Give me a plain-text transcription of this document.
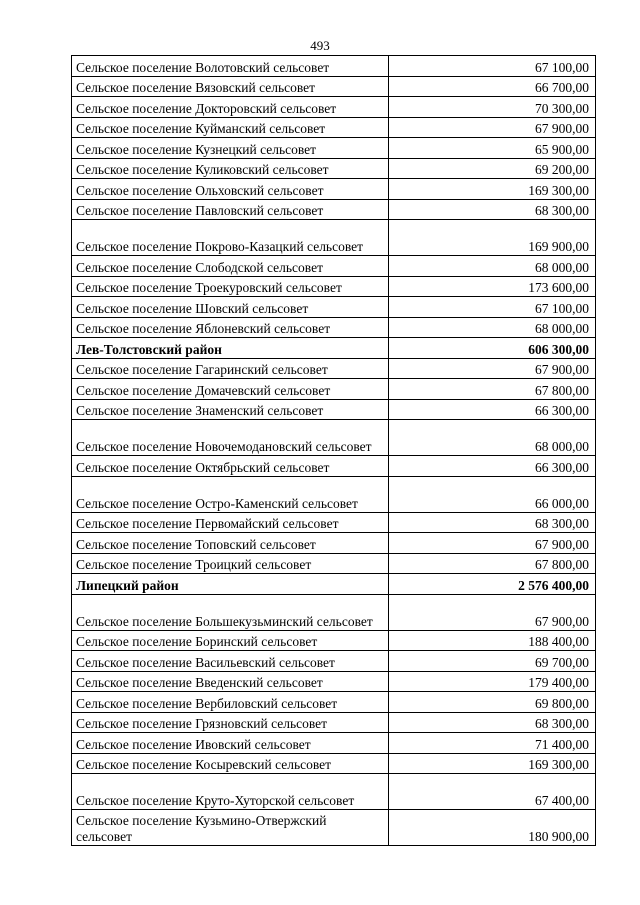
493
Сельское поселение Волотовский сельсовет	67 100,00
Сельское поселение Вязовский сельсовет	66 700,00
Сельское поселение Докторовский сельсовет	70 300,00
Сельское поселение Куйманский сельсовет	67 900,00
Сельское поселение Кузнецкий сельсовет	65 900,00
Сельское поселение Куликовский сельсовет	69 200,00
Сельское поселение Ольховский сельсовет	169 300,00
Сельское поселение Павловский сельсовет	68 300,00
Сельское поселение Покрово-Казацкий сельсовет	169 900,00
Сельское поселение Слободской сельсовет	68 000,00
Сельское поселение Троекуровский сельсовет	173 600,00
Сельское поселение Шовский сельсовет	67 100,00
Сельское поселение Яблоневский сельсовет	68 000,00
Лев-Толстовский район	606 300,00
Сельское поселение Гагаринский сельсовет	67 900,00
Сельское поселение Домачевский сельсовет	67 800,00
Сельское поселение Знаменский сельсовет	66 300,00
Сельское поселение Новочемодановский сельсовет	68 000,00
Сельское поселение Октябрьский сельсовет	66 300,00
Сельское поселение Остро-Каменский сельсовет	66 000,00
Сельское поселение Первомайский сельсовет	68 300,00
Сельское поселение Топовский сельсовет	67 900,00
Сельское поселение Троицкий сельсовет	67 800,00
Липецкий район	2 576 400,00
Сельское поселение Большекузьминский сельсовет	67 900,00
Сельское поселение Боринский сельсовет	188 400,00
Сельское поселение Васильевский сельсовет	69 700,00
Сельское поселение Введенский сельсовет	179 400,00
Сельское поселение Вербиловский сельсовет	69 800,00
Сельское поселение Грязновский сельсовет	68 300,00
Сельское поселение Ивовский сельсовет	71 400,00
Сельское поселение Косыревский сельсовет	169 300,00
Сельское поселение Круто-Хуторской сельсовет	67 400,00
Сельское поселение Кузьмино-Отвержский сельсовет	180 900,00
